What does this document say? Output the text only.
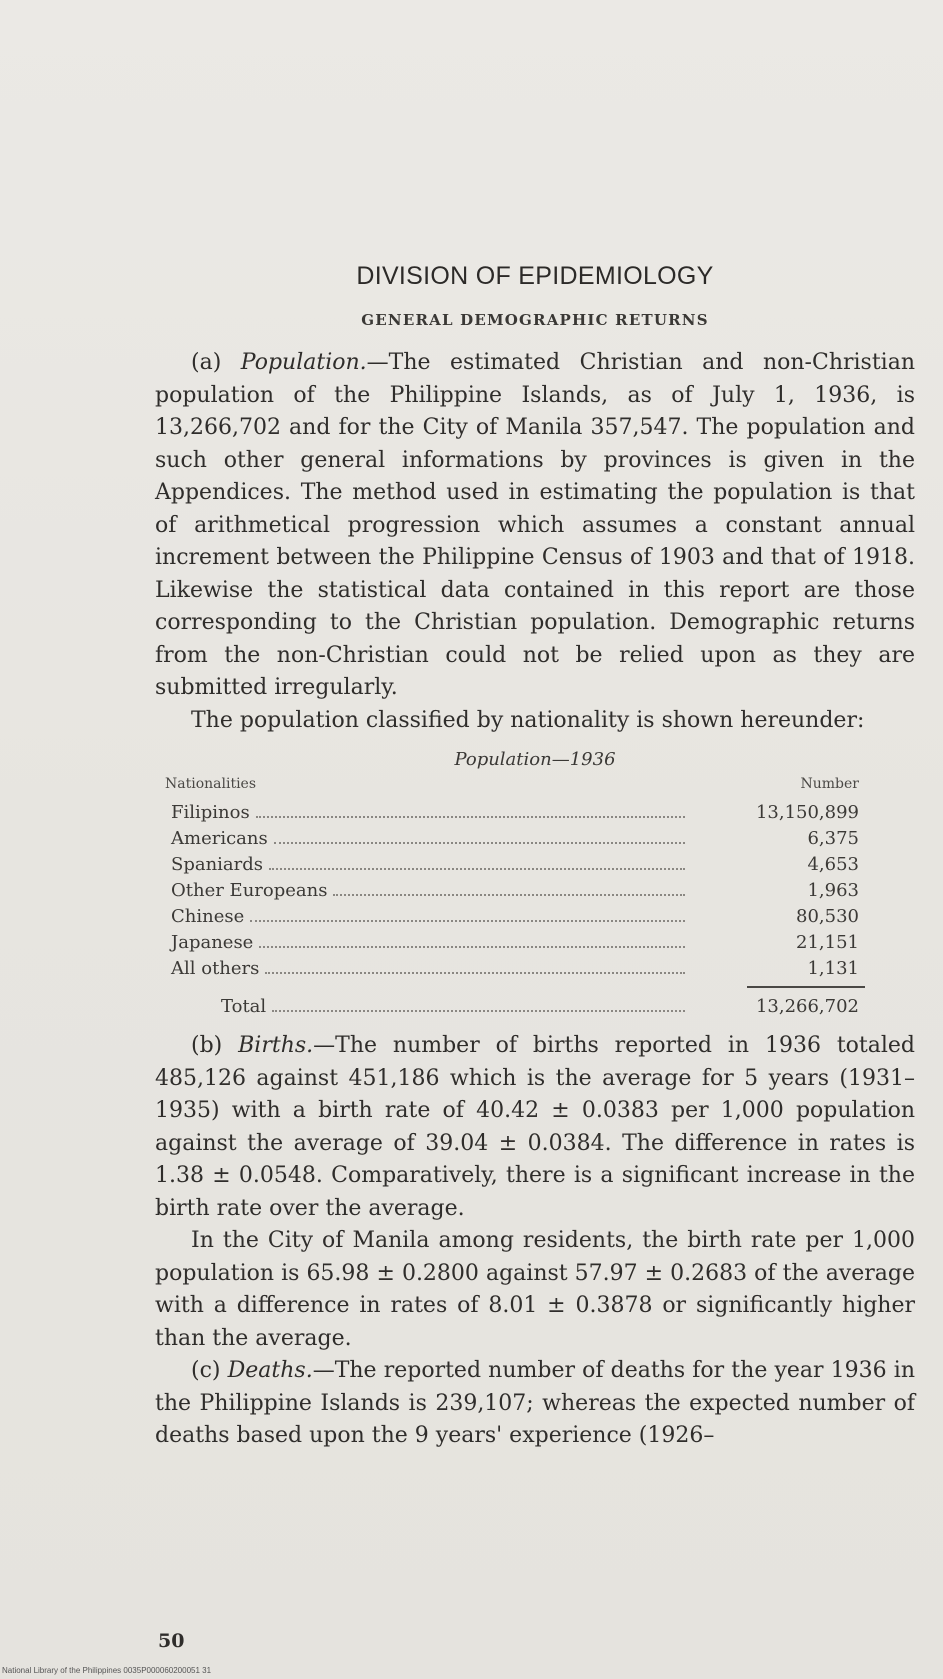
DIVISION OF EPIDEMIOLOGY
GENERAL DEMOGRAPHIC RETURNS

(a) Population.—The estimated Christian and non-Christian population of the Philippine Islands, as of July 1, 1936, is 13,266,702 and for the City of Manila 357,547. The population and such other general informations by provinces is given in the Appendices. The method used in estimating the population is that of arithmetical progression which assumes a constant annual increment between the Philippine Census of 1903 and that of 1918. Likewise the statistical data contained in this report are those corresponding to the Christian population. Demographic returns from the non-Christian could not be relied upon as they are submitted irregularly.

The population classified by nationality is shown hereunder:

Population—1936
Nationalities	Number

Filipinos	13,150,899

Americans	6,375

Spaniards	4,653

Other Europeans	1,963

Chinese	80,530

Japanese	21,151

All others	1,131

Total	13,266,702

(b) Births.—The number of births reported in 1936 totaled 485,126 against 451,186 which is the average for 5 years (1931–1935) with a birth rate of 40.42 ± 0.0383 per 1,000 population against the average of 39.04 ± 0.0384. The difference in rates is 1.38 ± 0.0548. Comparatively, there is a significant increase in the birth rate over the average.

In the City of Manila among residents, the birth rate per 1,000 population is 65.98 ± 0.2800 against 57.97 ± 0.2683 of the average with a difference in rates of 8.01 ± 0.3878 or significantly higher than the average.

(c) Deaths.—The reported number of deaths for the year 1936 in the Philippine Islands is 239,107; whereas the expected number of deaths based upon the 9 years' experience (1926–

50
National Library of the Philippines 0035P000060200051 31
